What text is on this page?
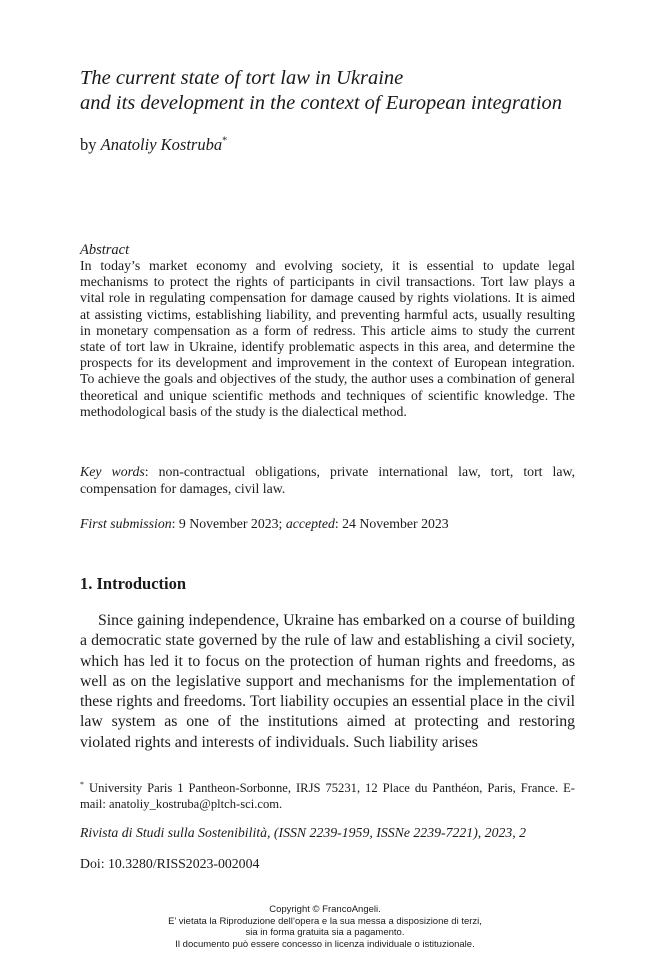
The current state of tort law in Ukraine
and its development in the context of European integration

by Anatoliy Kostruba*

Abstract

In today’s market economy and evolving society, it is essential to update legal mechanisms to protect the rights of participants in civil transactions. Tort law plays a vital role in regulating compensation for damage caused by rights violations. It is aimed at assisting victims, establishing liability, and preventing harmful acts, usually resulting in monetary compensation as a form of redress. This article aims to study the current state of tort law in Ukraine, identify problematic aspects in this area, and determine the prospects for its development and improvement in the context of European integration. To achieve the goals and objectives of the study, the author uses a combination of general theoretical and unique scientific methods and techniques of scientific knowledge. The methodological basis of the study is the dialectical method.

Key words: non-contractual obligations, private international law, tort, tort law, compensation for damages, civil law.

First submission: 9 November 2023; accepted: 24 November 2023

1. Introduction

Since gaining independence, Ukraine has embarked on a course of building a democratic state governed by the rule of law and establishing a civil society, which has led it to focus on the protection of human rights and freedoms, as well as on the legislative support and mechanisms for the implementation of these rights and freedoms. Tort liability occupies an essential place in the civil law system as one of the institutions aimed at protecting and restoring violated rights and interests of individuals. Such liability arises

* University Paris 1 Pantheon-Sorbonne, IRJS 75231, 12 Place du Panthéon, Paris, France. E-mail: anatoliy_kostruba@pltch-sci.com.

Rivista di Studi sulla Sostenibilità, (ISSN 2239-1959, ISSNe 2239-7221), 2023, 2

Doi: 10.3280/RISS2023-002004

Copyright © FrancoAngeli.
E’ vietata la Riproduzione dell’opera e la sua messa a disposizione di terzi,
sia in forma gratuita sia a pagamento.
Il documento può essere concesso in licenza individuale o istituzionale.
